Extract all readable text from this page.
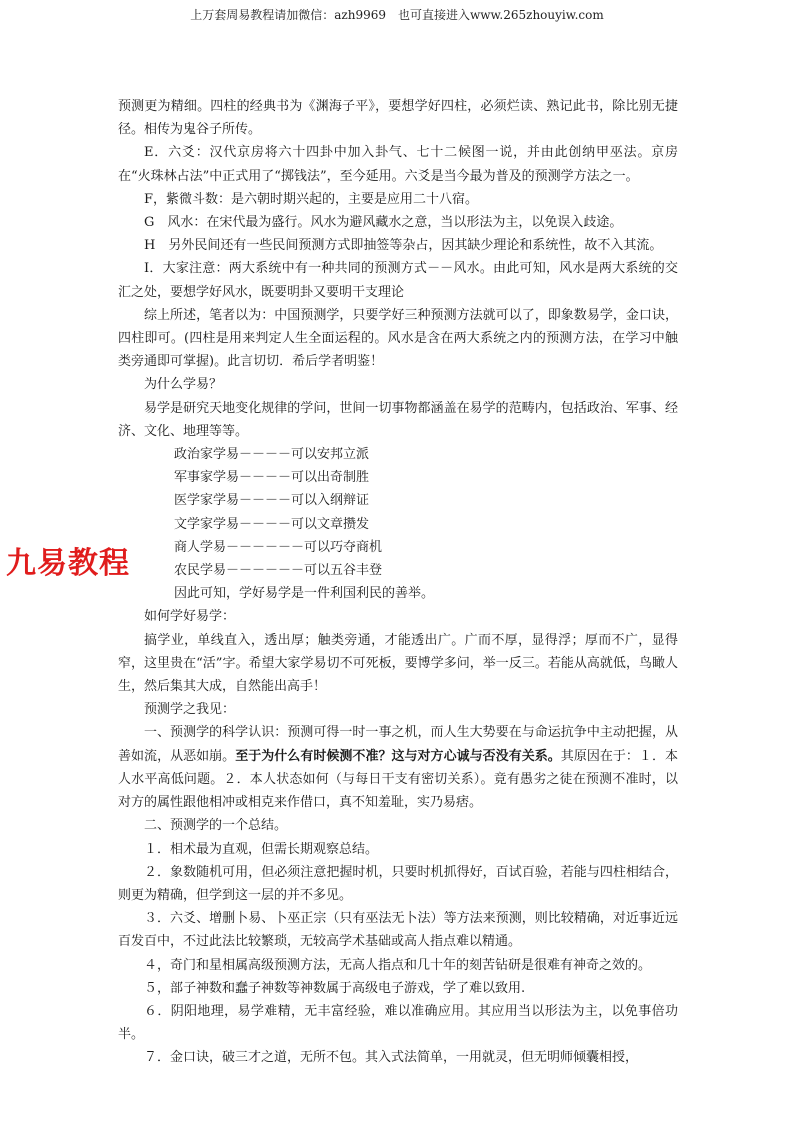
上万套周易教程请加微信：azh9969　也可直接进入www.265zhouyiw.com
九易教程

预测更为精细。四柱的经典书为《渊海子平》，要想学好四柱，必须烂读、熟记此书，除比别无捷径。相传为鬼谷子所传。

E．六爻：汉代京房将六十四卦中加入卦气、七十二候图一说，并由此创纳甲巫法。京房在“火珠林占法”中正式用了“掷钱法”，至今延用。六爻是当今最为普及的预测学方法之一。

F，紫微斗数：是六朝时期兴起的，主要是应用二十八宿。

G　风水：在宋代最为盛行。风水为避风藏水之意，当以形法为主，以免误入歧途。

H　另外民间还有一些民间预测方式即抽签等杂占，因其缺少理论和系统性，故不入其流。

I．大家注意：两大系统中有一种共同的预测方式－－风水。由此可知，风水是两大系统的交汇之处，要想学好风水，既要明卦又要明干支理论

综上所述，笔者以为：中国预测学，只要学好三种预测方法就可以了，即象数易学，金口诀，四柱即可。(四柱是用来判定人生全面运程的。风水是含在两大系统之内的预测方法，在学习中触类旁通即可掌握)。此言切切．希后学者明鉴！

为什么学易？

易学是研究天地变化规律的学问，世间一切事物都涵盖在易学的范畴内，包括政治、军事、经济、文化、地理等等。

政治家学易－－－－可以安邦立派

军事家学易－－－－可以出奇制胜

医学家学易－－－－可以入纲辩证

文学家学易－－－－可以文章攒发

商人学易－－－－－－可以巧夺商机

农民学易－－－－－－可以五谷丰登

因此可知，学好易学是一件利国利民的善举。

如何学好易学：

搞学业，单线直入，透出厚；触类旁通，才能透出广。广而不厚，显得浮；厚而不广，显得窄，这里贵在“活”字。希望大家学易切不可死板，要博学多问，举一反三。若能从高就低，鸟瞰人生，然后集其大成，自然能出高手！

预测学之我见：

一、预测学的科学认识：预测可得一时一事之机，而人生大势要在与命运抗争中主动把握，从善如流，从恶如崩。至于为什么有时候测不准？这与对方心诚与否没有关系。其原因在于：１．本人水平高低问题。２．本人状态如何（与每日干支有密切关系）。竟有愚劣之徒在预测不准时，以对方的属性跟他相冲或相克来作借口，真不知羞耻，实乃易痞。

二、预测学的一个总结。

１．相术最为直观，但需长期观察总结。

２．象数随机可用，但必须注意把握时机，只要时机抓得好，百试百验，若能与四柱相结合，则更为精确，但学到这一层的并不多见。

３．六爻、增删卜易、卜巫正宗（只有巫法无卜法）等方法来预测，则比较精确，对近事近远百发百中，不过此法比较繁琐，无较高学术基础或高人指点难以精通。

４，奇门和星相属高级预测方法，无高人指点和几十年的刻苦钻研是很难有神奇之效的。

５，部子神数和蠢子神数等神数属于高级电子游戏，学了难以致用.

６．阴阳地理，易学难精，无丰富经验，难以准确应用。其应用当以形法为主，以免事倍功半。

７．金口诀，破三才之道，无所不包。其入式法简单，一用就灵，但无明师倾囊相授，
